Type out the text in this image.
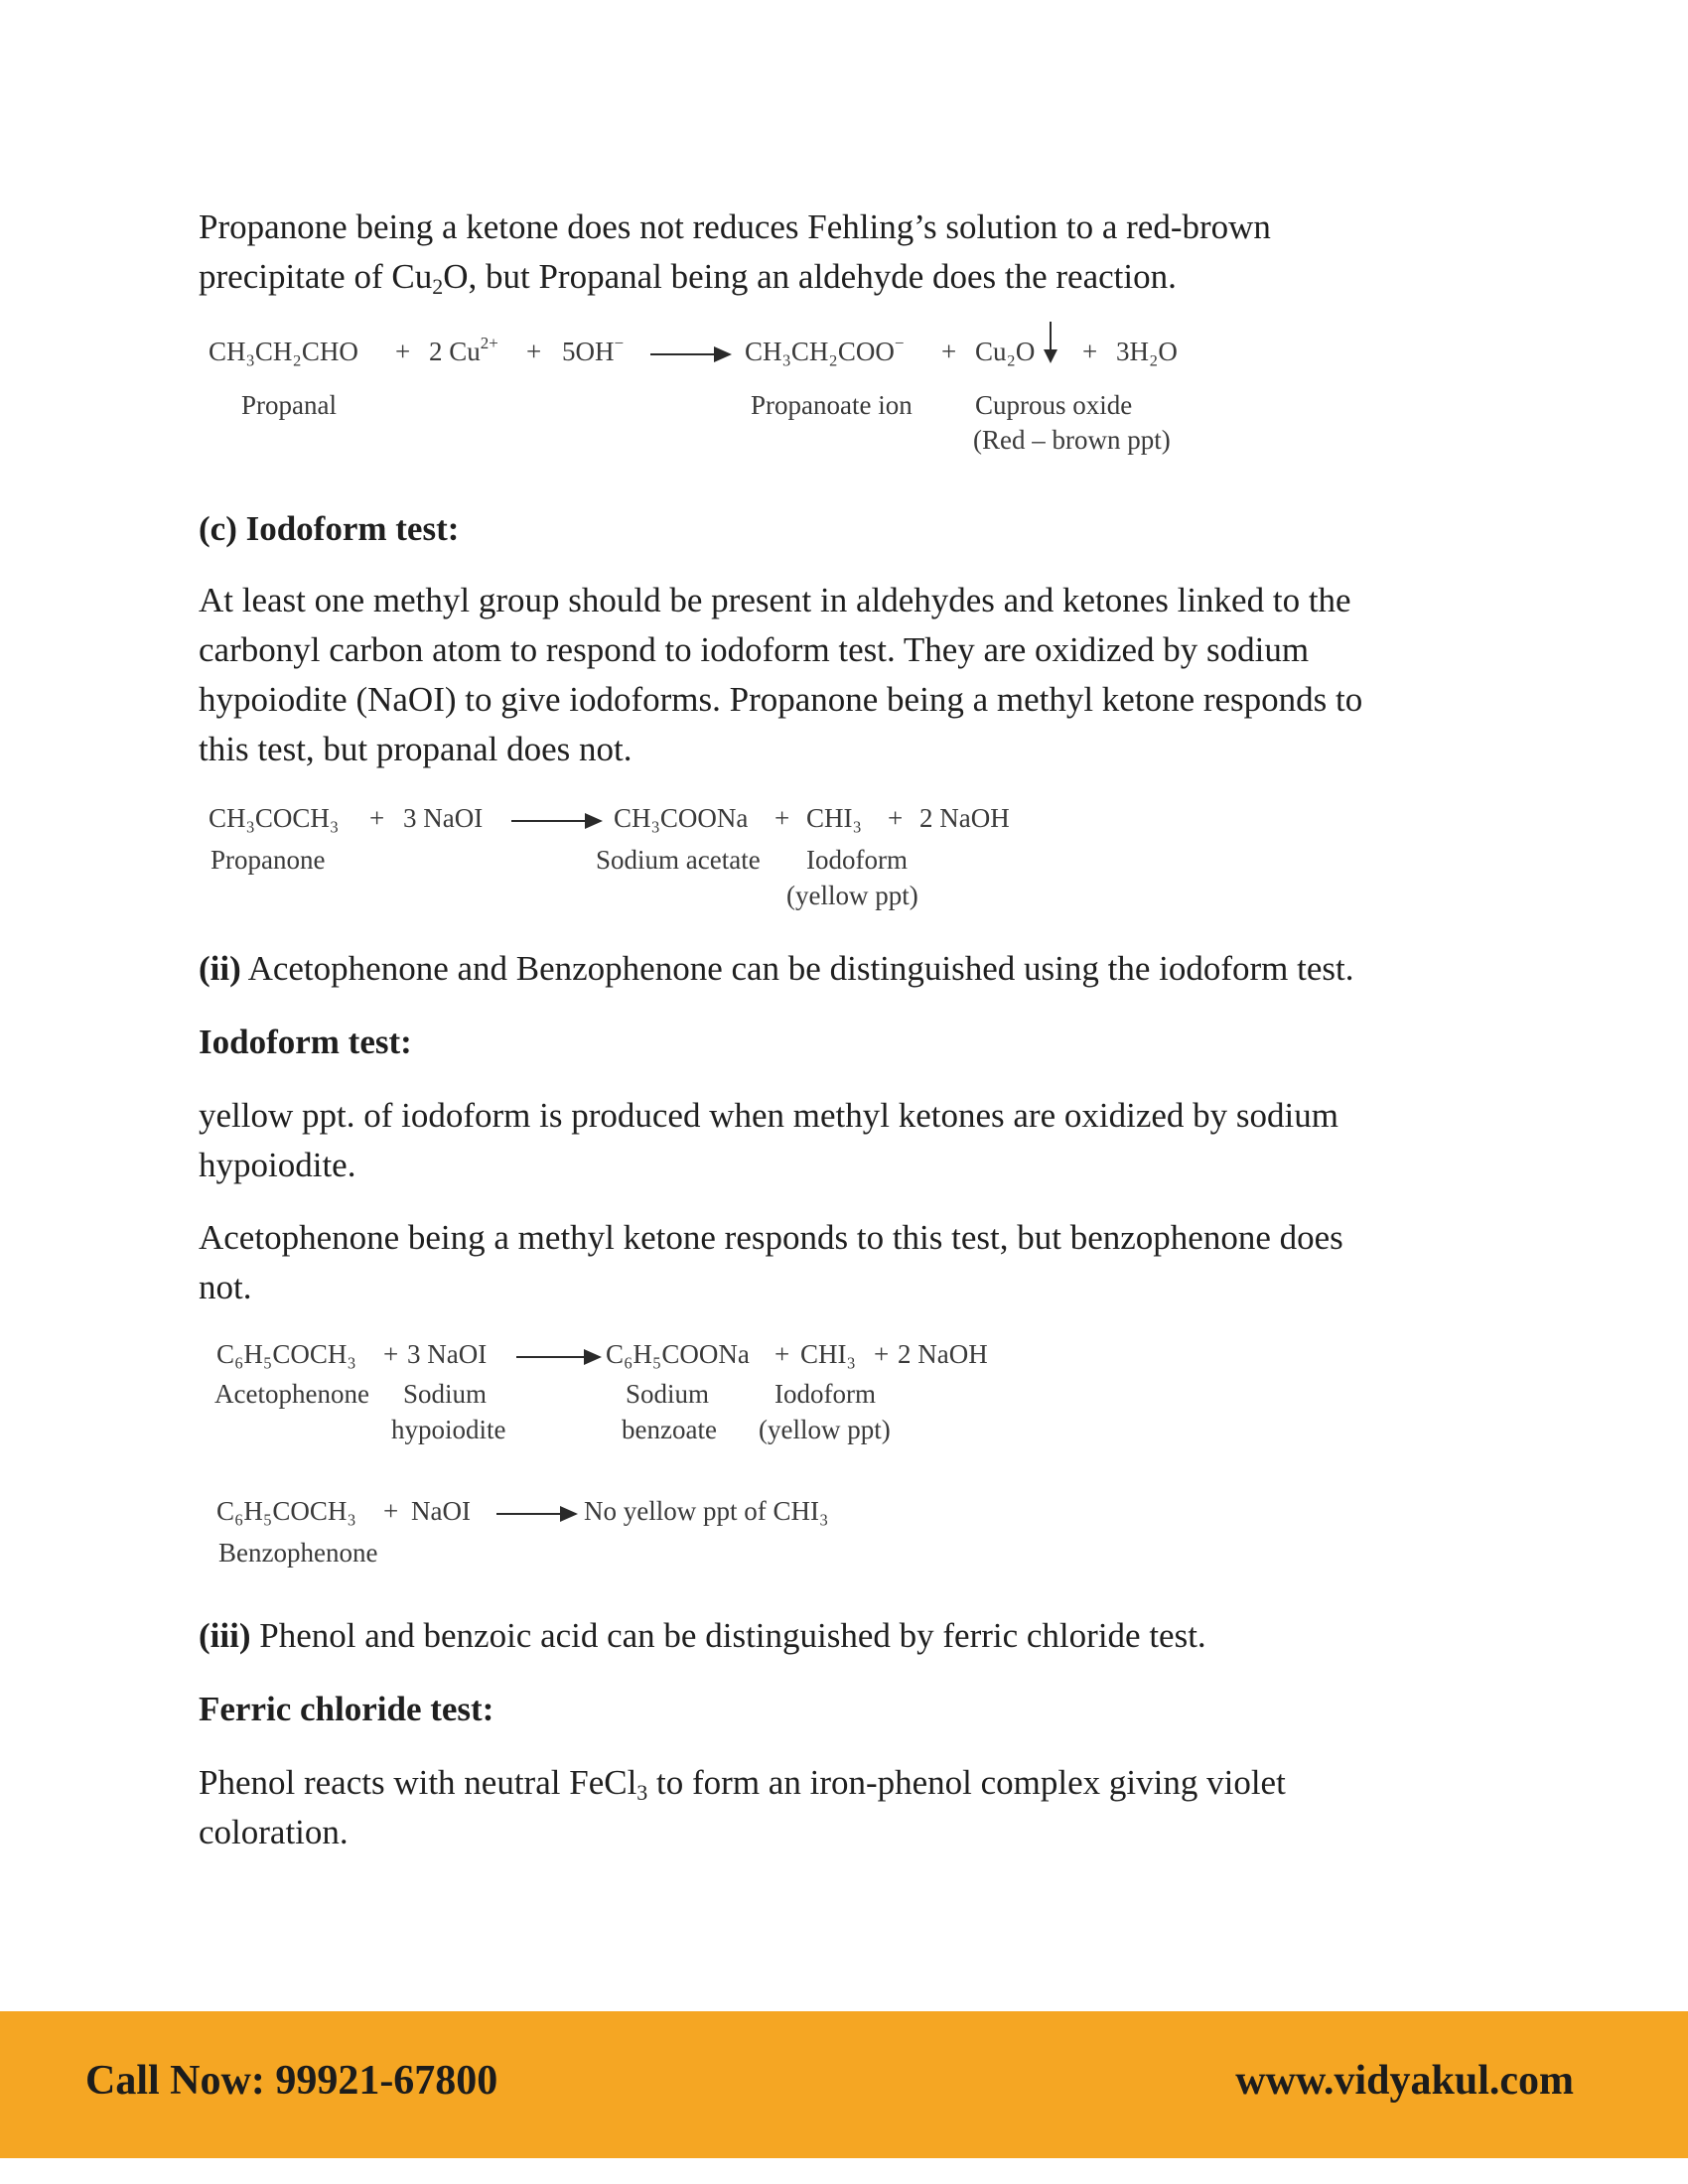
Propanone being a ketone does not reduces Fehling’s solution to a red-brown
precipitate of $Cu_2O$, but Propanal being an aldehyde does the reaction.

CH₃CH₂CHO + 2 $Cu^{2+} + 5OH^-$	CH₃CH₂COO− + Cu₂O + 3H₂O
Propanal	Propanoate ion Cuprous oxide
(Red – brown ppt)

(c) Iodoform test:

At least one methyl group should be present in aldehydes and ketones linked to the
carbonyl carbon atom to respond to iodoform test. They are oxidized by sodium
hypoiodite (NaOI) to give iodoforms. Propanone being a methyl ketone responds to
this test, but propanal does not.

CH₃COCH₃ + 3 NaOI	CH₃COONa + CHI₃ + 2 NaOH
Propanone	Sodium acetate Iodoform
(yellow ppt)

(ii) Acetophenone and Benzophenone can be distinguished using the iodoform test.

Iodoform test:

yellow ppt. of iodoform is produced when methyl ketones are oxidized by sodium
hypoiodite.

Acetophenone being a methyl ketone responds to this test, but benzophenone does
not.

C₆H₅COCH₃ + 3 NaOI	C₆H₅COONa + CHI₃ + 2 NaOH
Acetophenone Sodium
hypoiodite
Sodium
benzoate
Iodoform
(yellow ppt)
C₆H₅COCH₃ + NaOI	No yellow ppt of CHI₃
Benzophenone

(iii) Phenol and benzoic acid can be distinguished by ferric chloride test.

Ferric chloride test:

Phenol reacts with neutral FeCl$_3$ to form an iron-phenol complex giving violet
coloration.

Call Now: 99921-67800	www.vidyakul.com
